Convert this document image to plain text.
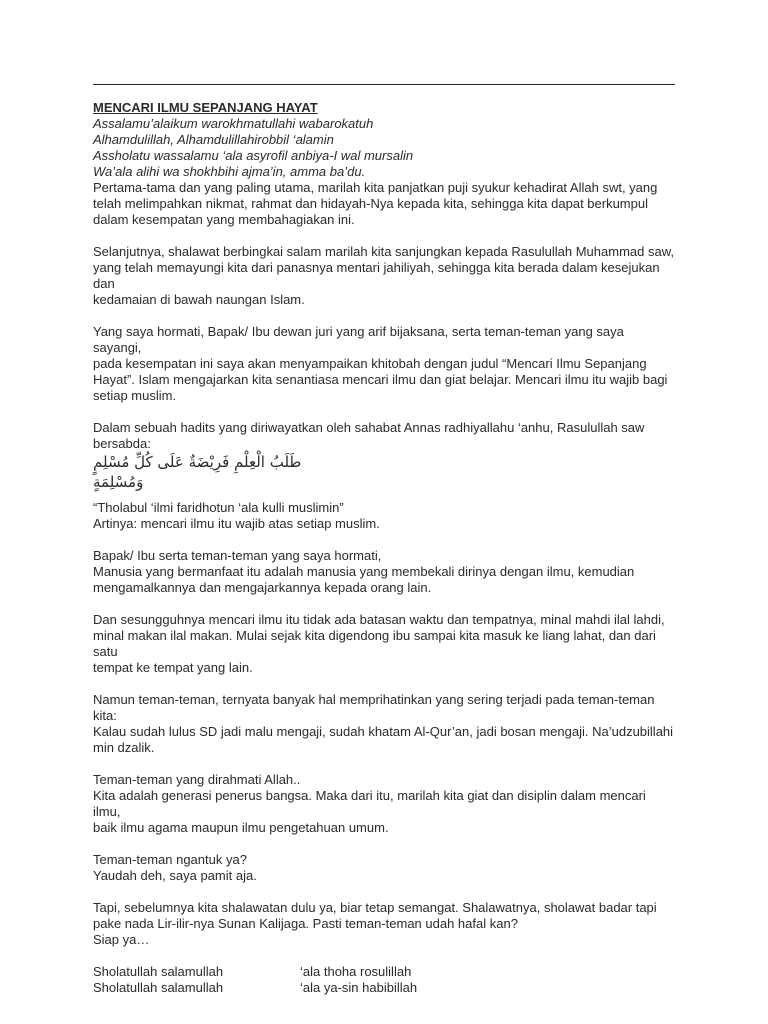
MENCARI ILMU SEPANJANG HAYAT

Assalamu’alaikum warokhmatullahi wabarokatuh

Alhamdulillah, Alhamdulillahirobbil ‘alamin

Assholatu wassalamu ‘ala asyrofil anbiya-I wal mursalin

Wa’ala alihi wa shokhbihi ajma’in, amma ba’du.

Pertama-tama dan yang paling utama, marilah kita panjatkan puji syukur kehadirat Allah swt, yang
telah melimpahkan nikmat, rahmat dan hidayah-Nya kepada kita, sehingga kita dapat berkumpul
dalam kesempatan yang membahagiakan ini.

Selanjutnya, shalawat berbingkai salam marilah kita sanjungkan kepada Rasulullah Muhammad saw,
yang telah memayungi kita dari panasnya mentari jahiliyah, sehingga kita berada dalam kesejukan dan
kedamaian di bawah naungan Islam.

Yang saya hormati, Bapak/ Ibu dewan juri yang arif bijaksana, serta teman-teman yang saya sayangi,
pada kesempatan ini saya akan menyampaikan khitobah dengan judul “Mencari Ilmu Sepanjang
Hayat”. Islam mengajarkan kita senantiasa mencari ilmu dan giat belajar. Mencari ilmu itu wajib bagi
setiap muslim.

Dalam sebuah hadits yang diriwayatkan oleh sahabat Annas radhiyallahu ‘anhu, Rasulullah saw
bersabda:

طَلَبُ الْعِلْمِ فَرِيْضَةٌ عَلَى كُلِّ مُسْلِمٍ وَمُسْلِمَةٍ

“Tholabul ‘ilmi faridhotun ‘ala kulli muslimin”
Artinya: mencari ilmu itu wajib atas setiap muslim.

Bapak/ Ibu serta teman-teman yang saya hormati,
Manusia yang bermanfaat itu adalah manusia yang membekali dirinya dengan ilmu, kemudian
mengamalkannya dan mengajarkannya kepada orang lain.

Dan sesungguhnya mencari ilmu itu tidak ada batasan waktu dan tempatnya, minal mahdi ilal lahdi,
minal makan ilal makan. Mulai sejak kita digendong ibu sampai kita masuk ke liang lahat, dan dari satu
tempat ke tempat yang lain.

Namun teman-teman, ternyata banyak hal memprihatinkan yang sering terjadi pada teman-teman
kita:
Kalau sudah lulus SD jadi malu mengaji, sudah khatam Al-Qur’an, jadi bosan mengaji. Na’udzubillahi
min dzalik.

Teman-teman yang dirahmati Allah..
Kita adalah generasi penerus bangsa. Maka dari itu, marilah kita giat dan disiplin dalam mencari ilmu,
baik ilmu agama maupun ilmu pengetahuan umum.

Teman-teman ngantuk ya?
Yaudah deh, saya pamit aja.

Tapi, sebelumnya kita shalawatan dulu ya, biar tetap semangat. Shalawatnya, sholawat badar tapi
pake nada Lir-ilir-nya Sunan Kalijaga. Pasti teman-teman udah hafal kan?
Siap ya…

Sholatullah salamullah	‘ala thoha rosulillah
Sholatullah salamullah	‘ala ya-sin habibillah
